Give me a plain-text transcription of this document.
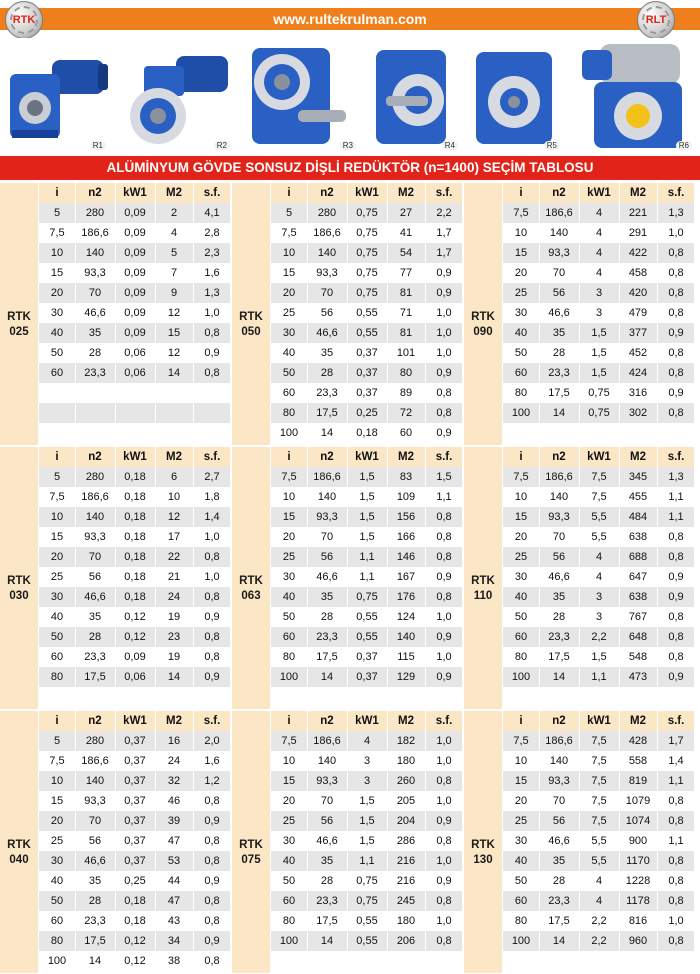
www.rultekrulman.com
RTK	RLT
R1	R2	R3	R4	R5	R6
ALÜMİNYUM GÖVDE SONSUZ DİŞLİ REDÜKTÖR (n=1400) SEÇİM TABLOSU
RTK
025
i	n2	kW1	M2	s.f.
5	280	0,09	2	4,1
7,5	186,6	0,09	4	2,8
10	140	0,09	5	2,3
15	93,3	0,09	7	1,6
20	70	0,09	9	1,3
30	46,6	0,09	12	1,0
40	35	0,09	15	0,8
50	28	0,06	12	0,9
60	23,3	0,06	14	0,8
RTK
050
i	n2	kW1	M2	s.f.
5	280	0,75	27	2,2
7,5	186,6	0,75	41	1,7
10	140	0,75	54	1,7
15	93,3	0,75	77	0,9
20	70	0,75	81	0,9
25	56	0,55	71	1,0
30	46,6	0,55	81	1,0
40	35	0,37	101	1,0
50	28	0,37	80	0,9
60	23,3	0,37	89	0,8
80	17,5	0,25	72	0,8
100	14	0,18	60	0,9
RTK
090
i	n2	kW1	M2	s.f.
7,5	186,6	4	221	1,3
10	140	4	291	1,0
15	93,3	4	422	0,8
20	70	4	458	0,8
25	56	3	420	0,8
30	46,6	3	479	0,8
40	35	1,5	377	0,9
50	28	1,5	452	0,8
60	23,3	1,5	424	0,8
80	17,5	0,75	316	0,9
100	14	0,75	302	0,8
RTK
030
i	n2	kW1	M2	s.f.
5	280	0,18	6	2,7
7,5	186,6	0,18	10	1,8
10	140	0,18	12	1,4
15	93,3	0,18	17	1,0
20	70	0,18	22	0,8
25	56	0,18	21	1,0
30	46,6	0,18	24	0,8
40	35	0,12	19	0,9
50	28	0,12	23	0,8
60	23,3	0,09	19	0,8
80	17,5	0,06	14	0,9
RTK
063
i	n2	kW1	M2	s.f.
7,5	186,6	1,5	83	1,5
10	140	1,5	109	1,1
15	93,3	1,5	156	0,8
20	70	1,5	166	0,8
25	56	1,1	146	0,8
30	46,6	1,1	167	0,9
40	35	0,75	176	0,8
50	28	0,55	124	1,0
60	23,3	0,55	140	0,9
80	17,5	0,37	115	1,0
100	14	0,37	129	0,9
RTK
110
i	n2	kW1	M2	s.f.
7,5	186,6	7,5	345	1,3
10	140	7,5	455	1,1
15	93,3	5,5	484	1,1
20	70	5,5	638	0,8
25	56	4	688	0,8
30	46,6	4	647	0,9
40	35	3	638	0,9
50	28	3	767	0,8
60	23,3	2,2	648	0,8
80	17,5	1,5	548	0,8
100	14	1,1	473	0,9
RTK
040
i	n2	kW1	M2	s.f.
5	280	0,37	16	2,0
7,5	186,6	0,37	24	1,6
10	140	0,37	32	1,2
15	93,3	0,37	46	0,8
20	70	0,37	39	0,9
25	56	0,37	47	0,8
30	46,6	0,37	53	0,8
40	35	0,25	44	0,9
50	28	0,18	47	0,8
60	23,3	0,18	43	0,8
80	17,5	0,12	34	0,9
100	14	0,12	38	0,8
RTK
075
i	n2	kW1	M2	s.f.
7,5	186,6	4	182	1,0
10	140	3	180	1,0
15	93,3	3	260	0,8
20	70	1,5	205	1,0
25	56	1,5	204	0,9
30	46,6	1,5	286	0,8
40	35	1,1	216	1,0
50	28	0,75	216	0,9
60	23,3	0,75	245	0,8
80	17,5	0,55	180	1,0
100	14	0,55	206	0,8
RTK
130
i	n2	kW1	M2	s.f.
7,5	186,6	7,5	428	1,7
10	140	7,5	558	1,4
15	93,3	7,5	819	1,1
20	70	7,5	1079	0,8
25	56	7,5	1074	0,8
30	46,6	5,5	900	1,1
40	35	5,5	1170	0,8
50	28	4	1228	0,8
60	23,3	4	1178	0,8
80	17,5	2,2	816	1,0
100	14	2,2	960	0,8
